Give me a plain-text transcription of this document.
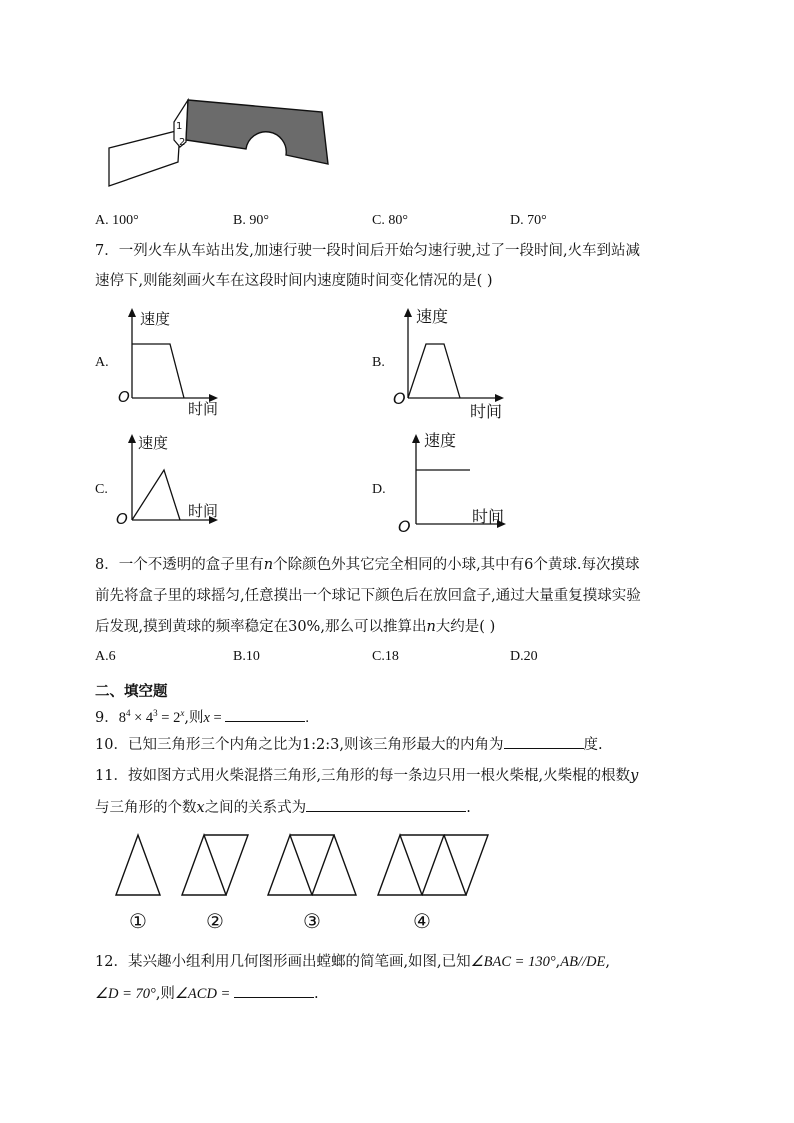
1
2
A. 100°	B. 90°	C. 80°	D. 70°
7．一列火车从车站出发,加速行驶一段时间后开始匀速行驶,过了一段时间,火车到站减
速停下,则能刻画火车在这段时间内速度随时间变化情况的是( )
A.
速度
时间
O
B.
速度
时间
O
C.
速度
时间
O
D.
速度
时间
O
8．一个不透明的盒子里有n个除颜色外其它完全相同的小球,其中有6个黄球.每次摸球
前先将盒子里的球摇匀,任意摸出一个球记下颜色后在放回盒子,通过大量重复摸球实验
后发现,摸到黄球的频率稳定在30%,那么可以推算出n大约是( )
A.6	B.10	C.18	D.20
二、填空题
9．$8^4 \times 4^3 = 2^x$,则x =	.
10．已知三角形三个内角之比为1:2:3,则该三角形最大的内角为	度.
11．按如图方式用火柴混搭三角形,三角形的每一条边只用一根火柴棍,火柴棍的根数y
与三角形的个数x之间的关系式为	.
①	②	③	④
12．某兴趣小组利用几何图形画出螳螂的简笔画,如图,已知∠BAC = 130°,AB//DE,
∠D = 70°,则∠ACD =	.
